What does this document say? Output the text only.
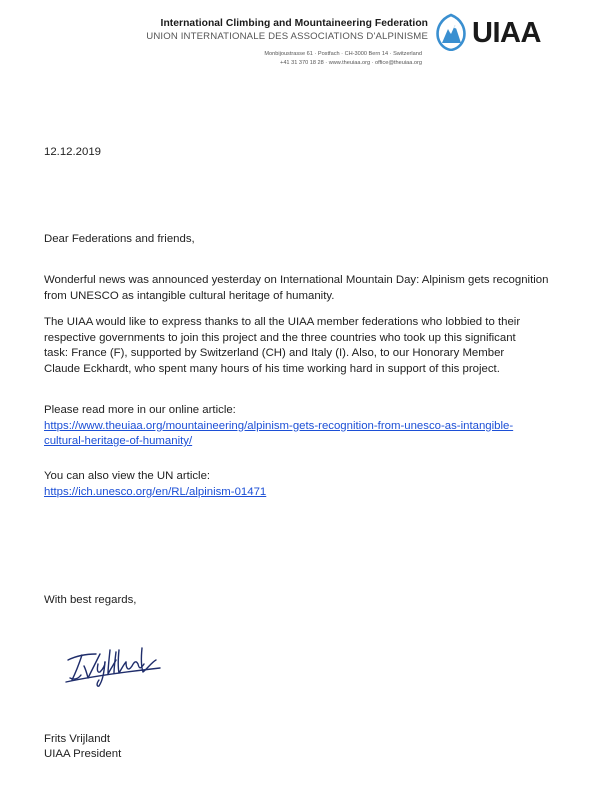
International Climbing and Mountaineering Federation
UNION INTERNATIONALE DES ASSOCIATIONS D'ALPINISME
Monbijoustrasse 61 · Postfach · CH-3000 Bern 14 · Switzerland
+41 31 370 18 28 · www.theuiaa.org · office@theuiaa.org
UIAA
12.12.2019
Dear Federations and friends,
Wonderful news was announced yesterday on International Mountain Day: Alpinism gets recognition
from UNESCO as intangible cultural heritage of humanity.
The UIAA would like to express thanks to all the UIAA member federations who lobbied to their
respective governments to join this project and the three countries who took up this significant
task: France (F), supported by Switzerland (CH) and Italy (I). Also, to our Honorary Member
Claude Eckhardt, who spent many hours of his time working hard in support of this project.
Please read more in our online article:
https://www.theuiaa.org/mountaineering/alpinism-gets-recognition-from-unesco-as-intangible-
cultural-heritage-of-humanity/
You can also view the UN article:
https://ich.unesco.org/en/RL/alpinism-01471
With best regards,
Frits Vrijlandt
UIAA President
